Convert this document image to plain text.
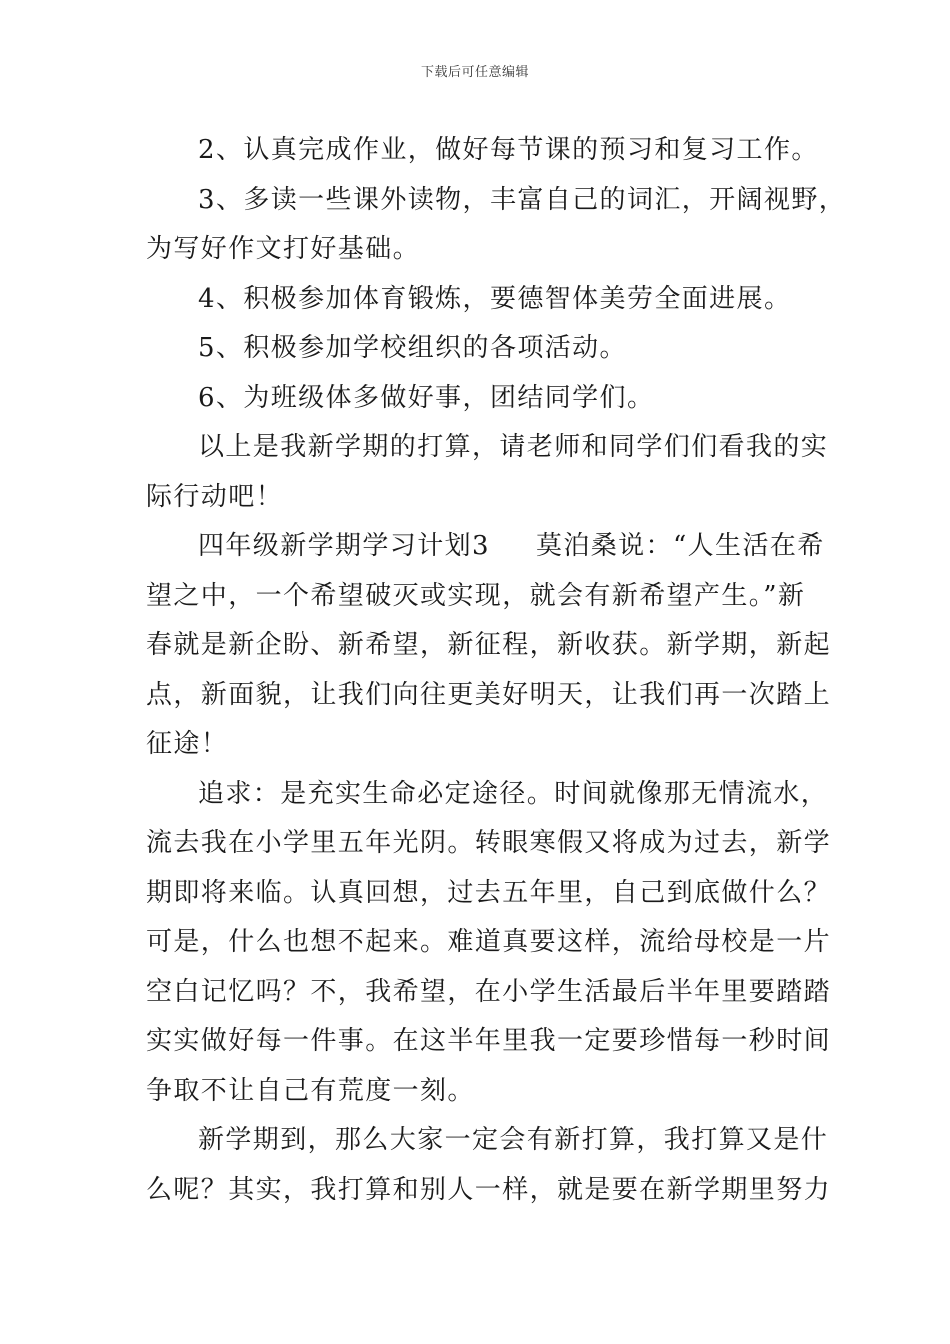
下载后可任意编辑
2、认真完成作业，做好每节课的预习和复习工作。
3、多读一些课外读物，丰富自己的词汇，开阔视野，
为写好作文打好基础。
4、积极参加体育锻炼，要德智体美劳全面进展。
5、积极参加学校组织的各项活动。
6、为班级体多做好事，团结同学们。
以上是我新学期的打算，请老师和同学们们看我的实
际行动吧！
四年级新学期学习计划3 莫泊桑说：“人生活在希
望之中，一个希望破灭或实现，就会有新希望产生。”新
春就是新企盼、新希望，新征程，新收获。新学期，新起
点，新面貌，让我们向往更美好明天，让我们再一次踏上
征途！
追求：是充实生命必定途径。时间就像那无情流水，
流去我在小学里五年光阴。转眼寒假又将成为过去，新学
期即将来临。认真回想，过去五年里，自己到底做什么？
可是，什么也想不起来。难道真要这样，流给母校是一片
空白记忆吗？不，我希望，在小学生活最后半年里要踏踏
实实做好每一件事。在这半年里我一定要珍惜每一秒时间
争取不让自己有荒度一刻。
新学期到，那么大家一定会有新打算，我打算又是什
么呢？其实，我打算和别人一样，就是要在新学期里努力
